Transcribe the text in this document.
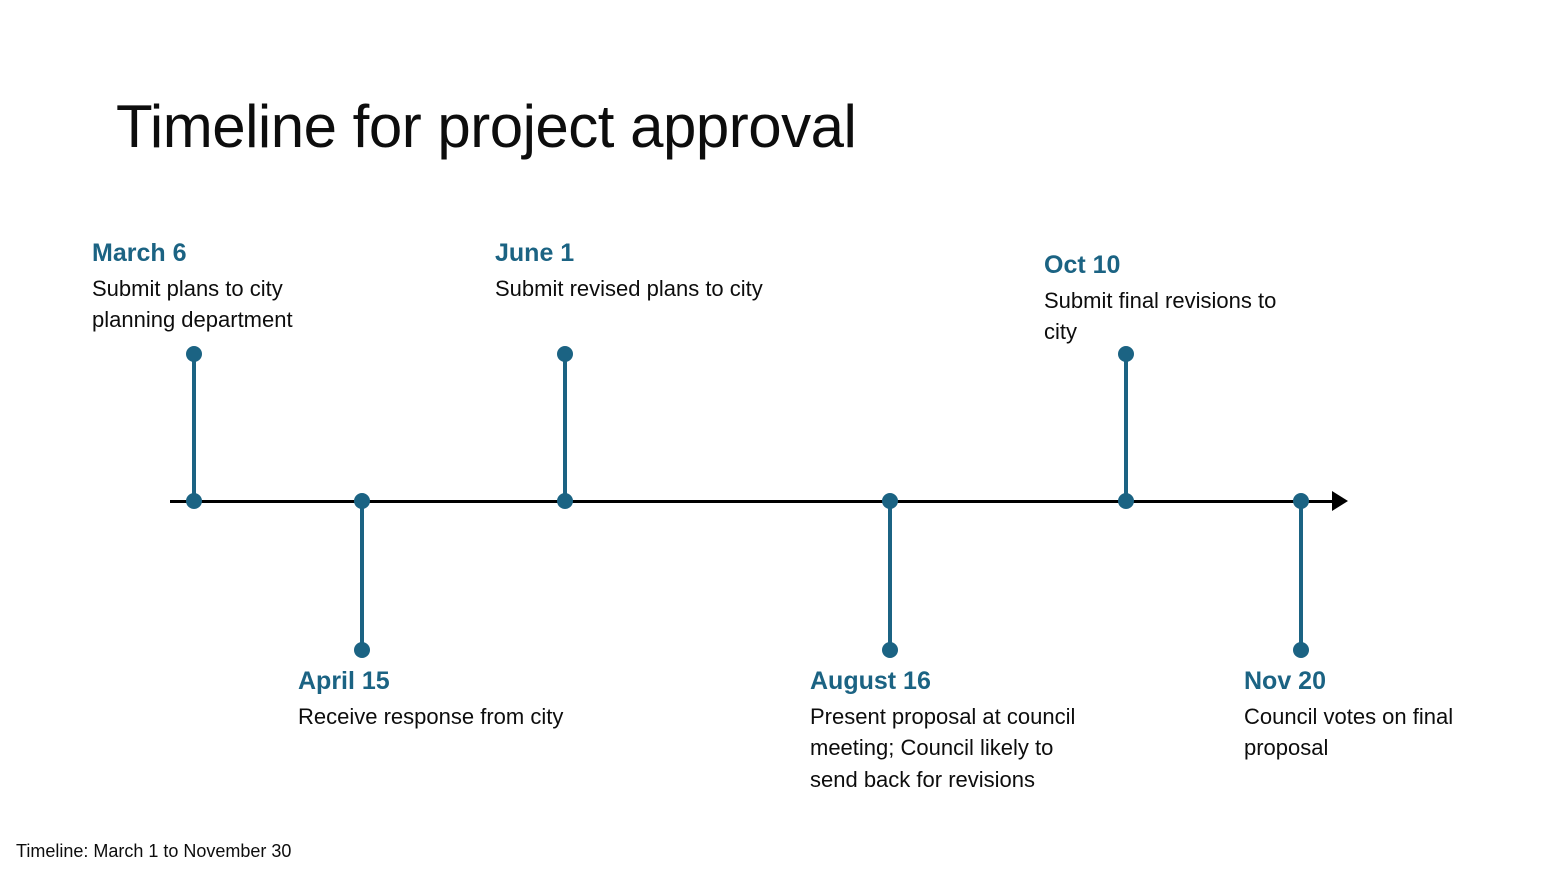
Timeline for project approval
March 6
Submit plans to city planning department
April 15
Receive response from city
June 1
Submit revised plans to city
August 16
Present proposal at council meeting; Council likely to send back for revisions
Oct 10
Submit final revisions to city
Nov 20
Council votes on final proposal
Timeline: March 1 to November 30
